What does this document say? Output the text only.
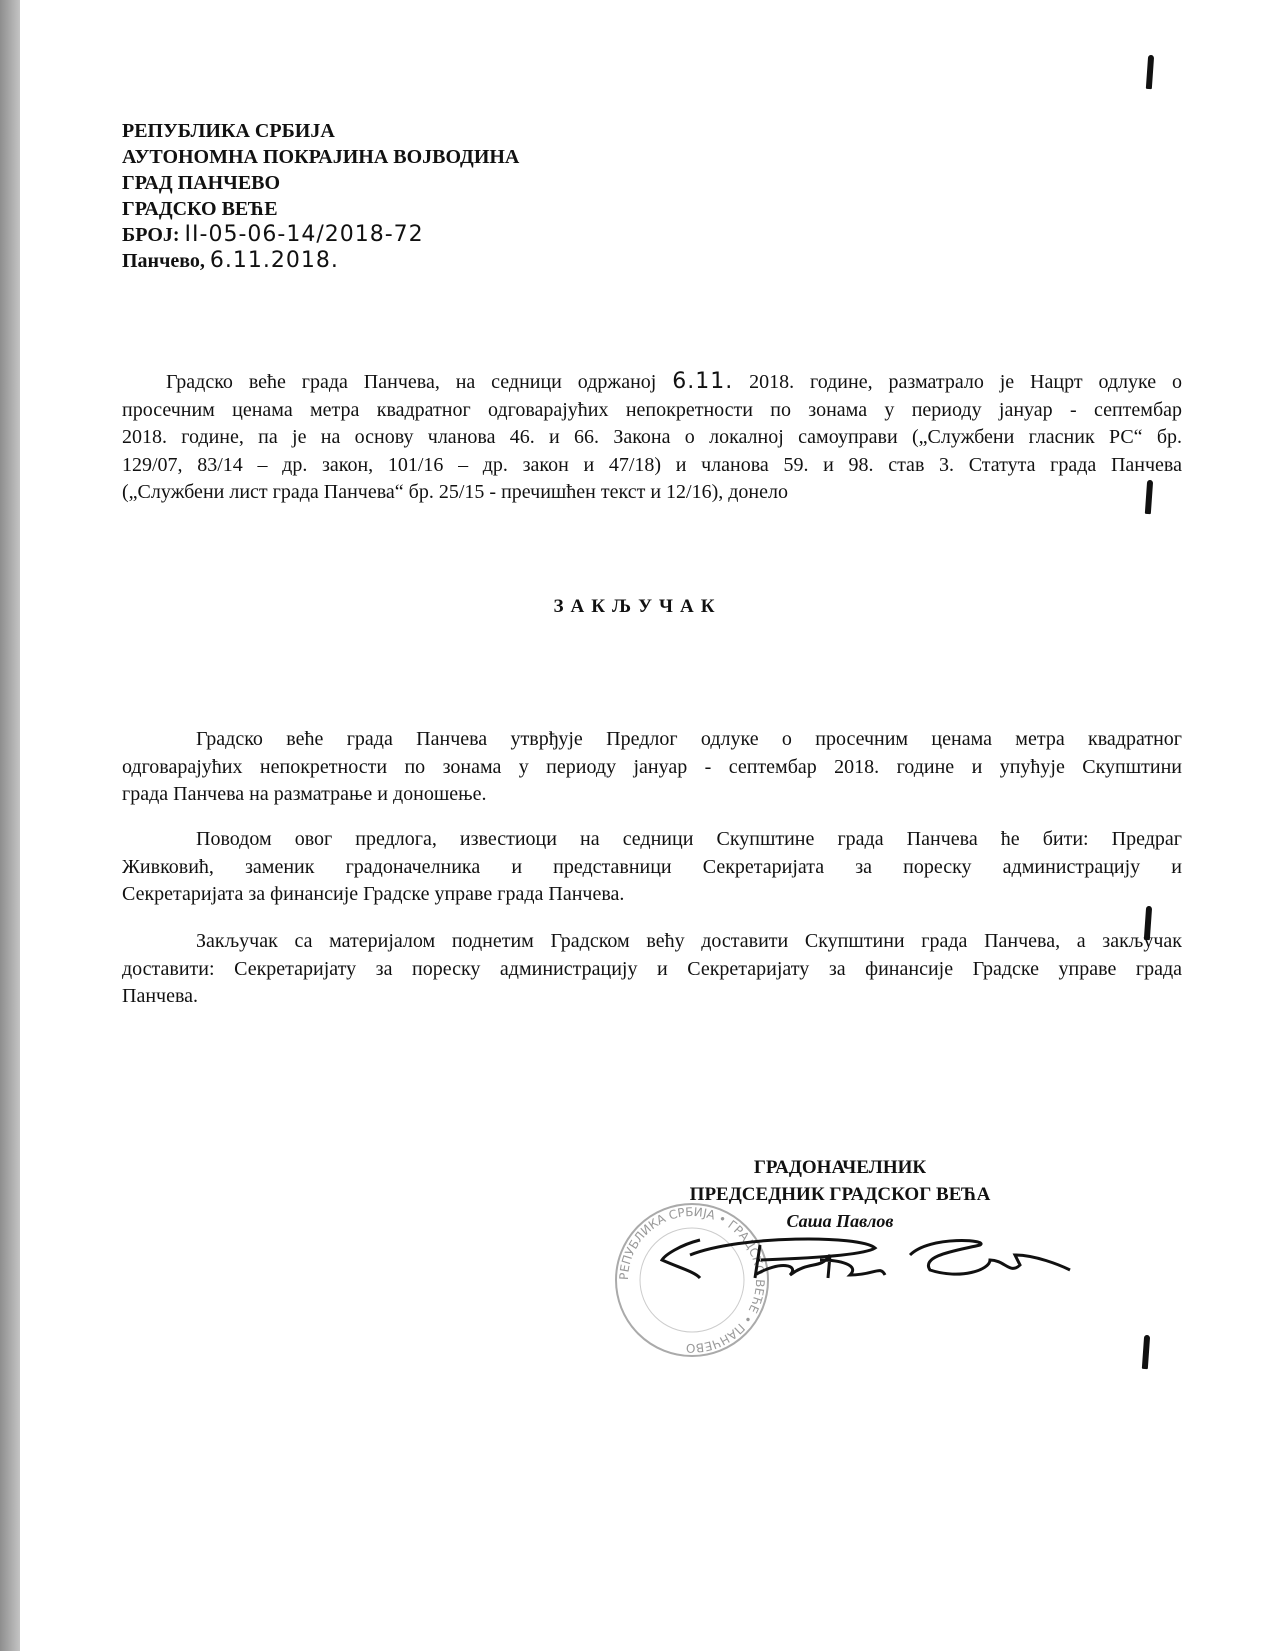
РЕПУБЛИКА СРБИЈА
АУТОНОМНА ПОКРАЈИНА ВОЈВОДИНА
ГРАД ПАНЧЕВО
ГРАДСКО ВЕЋЕ
БРОЈ: II-05-06-14/2018-72
Панчево, 6.11.2018.
Градско веће града Панчева, на седници одржаној 6.11. 2018. године, разматрало је Нацрт одлуке о
просечним ценама метра квадратног одговарајућих непокретности по зонама у периоду јануар - септембар
2018. године, па је на основу чланова 46. и 66. Закона о локалној самоуправи („Службени гласник РС“ бр.
129/07, 83/14 – др. закон, 101/16 – др. закон и 47/18) и чланова 59. и 98. став 3. Статута града Панчева
(„Службени лист града Панчева“ бр. 25/15 - пречишћен текст и 12/16), донело
ЗАКЉУЧАК
Градско веће града Панчева утврђује Предлог одлуке о просечним ценама метра квадратног
одговарајућих непокретности по зонама у периоду јануар - септембар 2018. године и упућује Скупштини
града Панчева на разматрање и доношење.
Поводом овог предлога, известиоци на седници Скупштине града Панчева ће бити: Предраг
Живковић, заменик градоначелника и представници Секретаријата за пореску администрацију и
Секретаријата за финансије Градске управе града Панчева.
Закључак са материјалом поднетим Градском већу доставити Скупштини града Панчева, а закључак
доставити: Секретаријату за пореску администрацију и Секретаријату за финансије Градске управе града
Панчева.
РЕПУБЛИКА СРБИЈА • ГРАДСКО ВЕЋЕ • ПАНЧЕВО
ГРАДОНАЧЕЛНИК
ПРЕДСЕДНИК ГРАДСКОГ ВЕЋА
Саша Павлов
